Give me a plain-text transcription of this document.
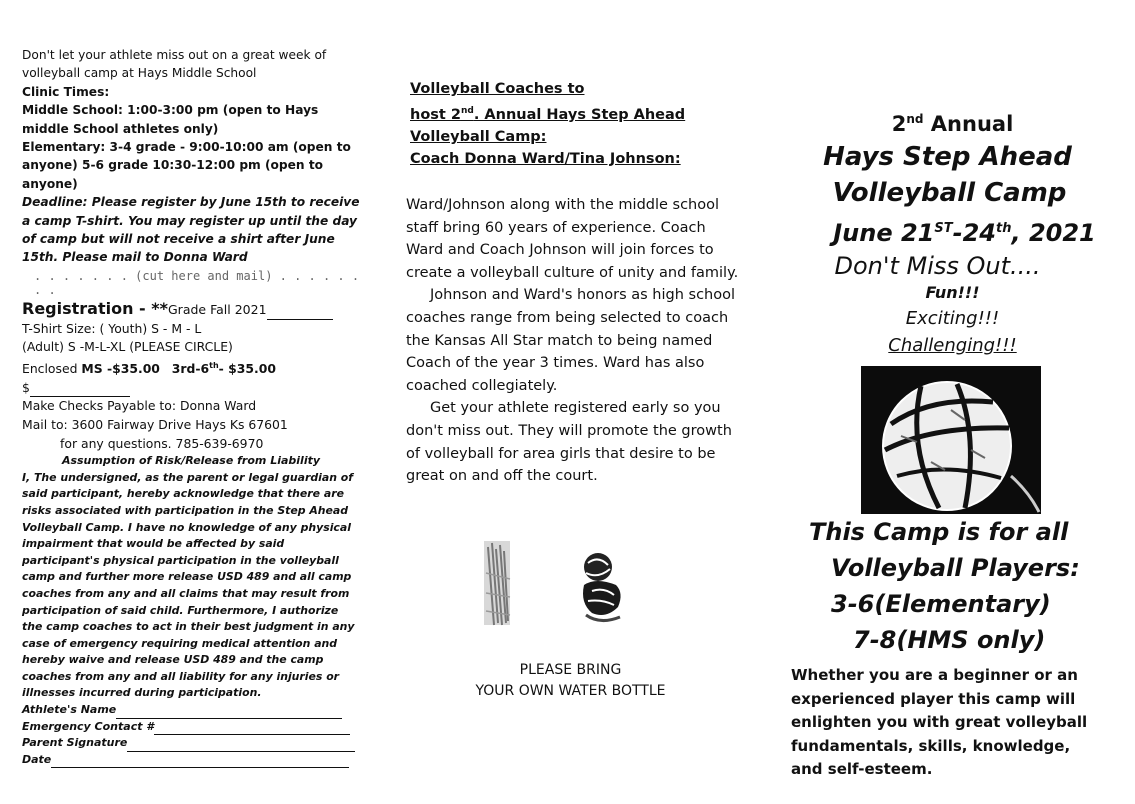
Don't let your athlete miss out on a great week of volleyball camp at Hays Middle School

Clinic Times:

Middle School: 1:00-3:00 pm (open to Hays middle School athletes only)

Elementary: 3-4 grade - 9:00-10:00 am (open to anyone) 5-6 grade 10:30-12:00 pm (open to anyone)

Deadline: Please register by June 15th to receive a camp T-shirt. You may register up until the day of camp but will not receive a shirt after June 15th. Please mail to Donna Ward

. . . . . . . (cut here and mail) . . . . . . . .

Registration - **Grade Fall 2021

T-Shirt Size: ( Youth) S - M - L

(Adult) S -M-L-XL (PLEASE CIRCLE)

Enclosed MS -$35.00 3rd-6th- $35.00

$

Make Checks Payable to: Donna Ward

Mail to: 3600 Fairway Drive Hays Ks 67601

for any questions. 785-639-6970

Assumption of Risk/Release from Liability

I, The undersigned, as the parent or legal guardian of said participant, hereby acknowledge that there are risks associated with participation in the Step Ahead Volleyball Camp. I have no knowledge of any physical impairment that would be affected by said participant's physical participation in the volleyball camp and further more release USD 489 and all camp coaches from any and all claims that may result from participation of said child. Furthermore, I authorize the camp coaches to act in their best judgment in any case of emergency requiring medical attention and hereby waive and release USD 489 and the camp coaches from any and all liability for any injuries or illnesses incurred during participation.

Athlete's Name
Emergency Contact #
Parent Signature
Date

Volleyball Coaches to

host 2nd. Annual Hays Step Ahead

Volleyball Camp:

Coach Donna Ward/Tina Johnson:

Ward/Johnson along with the middle school staff bring 60 years of experience. Coach Ward and Coach Johnson will join forces to create a volleyball culture of unity and family.

Johnson and Ward's honors as high school coaches range from being selected to coach the Kansas All Star match to being named Coach of the year 3 times. Ward has also coached collegiately.

Get your athlete registered early so you don't miss out. They will promote the growth of volleyball for area girls that desire to be great on and off the court.

PLEASE BRING

YOUR OWN WATER BOTTLE

2nd Annual

Hays Step Ahead

Volleyball Camp

June 21ST-24th, 2021

Don't Miss Out....

Fun!!!

Exciting!!!

Challenging!!!

This Camp is for all

Volleyball Players:

3-6(Elementary)

7-8(HMS only)

Whether you are a beginner or an experienced player this camp will enlighten you with great volleyball fundamentals, skills, knowledge, and self-esteem.
